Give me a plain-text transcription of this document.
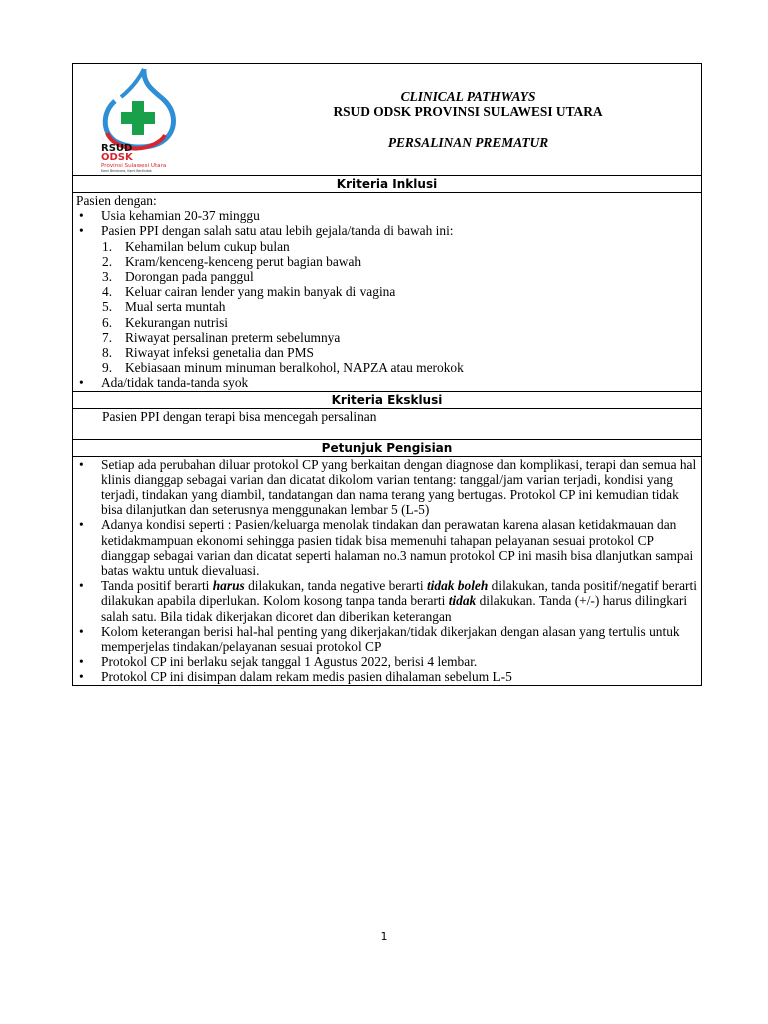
RSUD
ODSK
Provinsi Sulawesi Utara
Kami Berbicara, Kami Bertindak
CLINICAL PATHWAYS
RSUD ODSK PROVINSI SULAWESI UTARA
PERSALINAN PREMATUR
Kriteria Inklusi
Pasien dengan:
•	Usia kehamian 20-37 minggu
•	Pasien PPI dengan salah satu atau lebih gejala/tanda di bawah ini:
1. Kehamilan belum cukup bulan
2. Kram/kenceng-kenceng perut bagian bawah
3. Dorongan pada panggul
4. Keluar cairan lender yang makin banyak di vagina
5. Mual serta muntah
6. Kekurangan nutrisi
7. Riwayat persalinan preterm sebelumnya
8. Riwayat infeksi genetalia dan PMS
9. Kebiasaan minum minuman beralkohol, NAPZA atau merokok
•	Ada/tidak tanda-tanda syok
Kriteria Eksklusi
Pasien PPI dengan terapi bisa mencegah persalinan
Petunjuk Pengisian
•	Setiap ada perubahan diluar protokol CP yang berkaitan dengan diagnose dan komplikasi, terapi dan semua hal klinis dianggap sebagai varian dan dicatat dikolom varian tentang: tanggal/jam varian terjadi, kondisi yang terjadi, tindakan yang diambil, tandatangan dan nama terang yang bertugas. Protokol CP ini kemudian tidak bisa dilanjutkan dan seterusnya menggunakan lembar 5 (L-5)
•	Adanya kondisi seperti : Pasien/keluarga menolak tindakan dan perawatan karena alasan ketidakmauan dan ketidakmampuan ekonomi sehingga pasien tidak bisa memenuhi tahapan pelayanan sesuai protokol CP dianggap sebagai varian dan dicatat seperti halaman no.3 namun protokol CP ini masih bisa dlanjutkan sampai batas waktu untuk dievaluasi.
•	Tanda positif berarti harus dilakukan, tanda negative berarti tidak boleh dilakukan, tanda positif/negatif berarti dilakukan apabila diperlukan. Kolom kosong tanpa tanda berarti tidak dilakukan. Tanda (+/-) harus dilingkari salah satu. Bila tidak dikerjakan dicoret dan diberikan keterangan
•	Kolom keterangan berisi hal-hal penting yang dikerjakan/tidak dikerjakan dengan alasan yang tertulis untuk memperjelas tindakan/pelayanan sesuai protokol CP
•	Protokol CP ini berlaku sejak tanggal 1 Agustus 2022, berisi 4 lembar.
•	Protokol CP ini disimpan dalam rekam medis pasien dihalaman sebelum L-5
1
